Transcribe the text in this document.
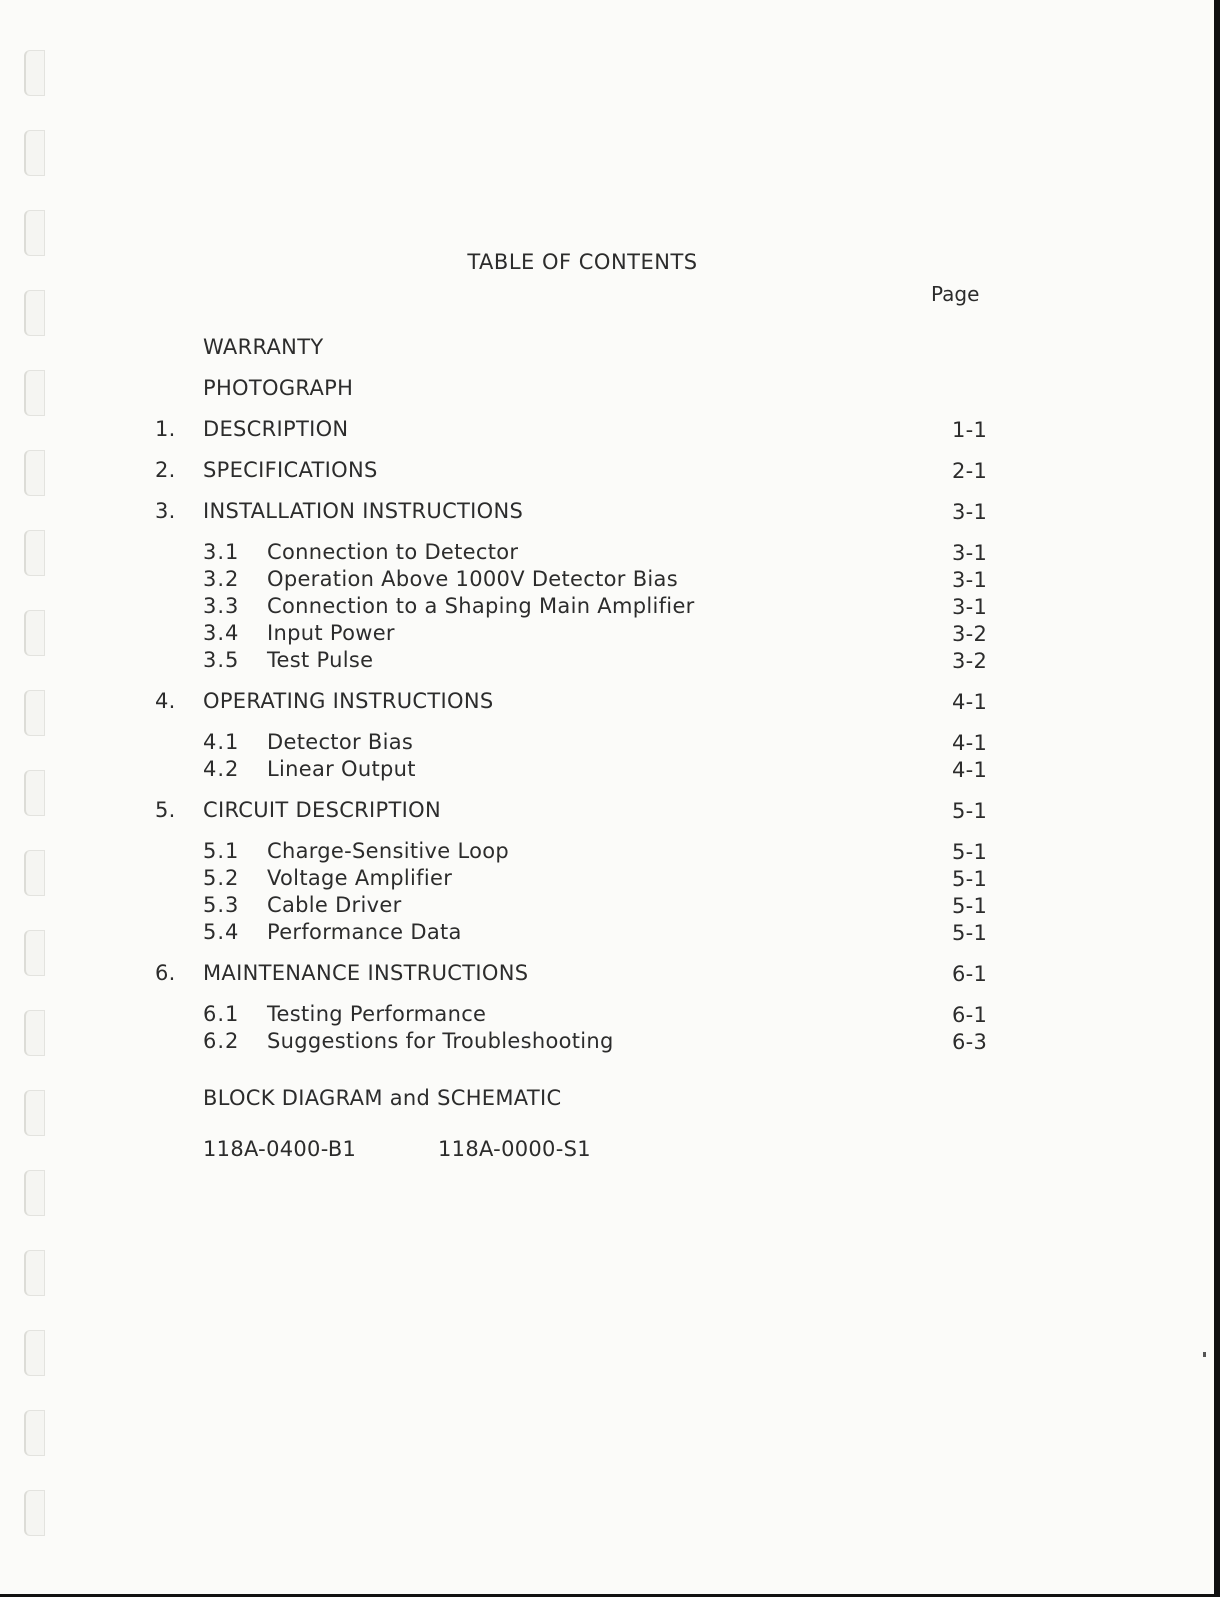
TABLE OF CONTENTS
Page
WARRANTY
PHOTOGRAPH
1. DESCRIPTION	1-1
2. SPECIFICATIONS	2-1
3. INSTALLATION INSTRUCTIONS	3-1
3.1 Connection to Detector	3-1
3.2 Operation Above 1000V Detector Bias	3-1
3.3 Connection to a Shaping Main Amplifier	3-1
3.4 Input Power	3-2
3.5 Test Pulse	3-2
4. OPERATING INSTRUCTIONS	4-1
4.1 Detector Bias	4-1
4.2 Linear Output	4-1
5. CIRCUIT DESCRIPTION	5-1
5.1 Charge-Sensitive Loop	5-1
5.2 Voltage Amplifier	5-1
5.3 Cable Driver	5-1
5.4 Performance Data	5-1
6. MAINTENANCE INSTRUCTIONS	6-1
6.1 Testing Performance	6-1
6.2 Suggestions for Troubleshooting	6-3
BLOCK DIAGRAM and SCHEMATIC
118A-0400-B1	118A-0000-S1
